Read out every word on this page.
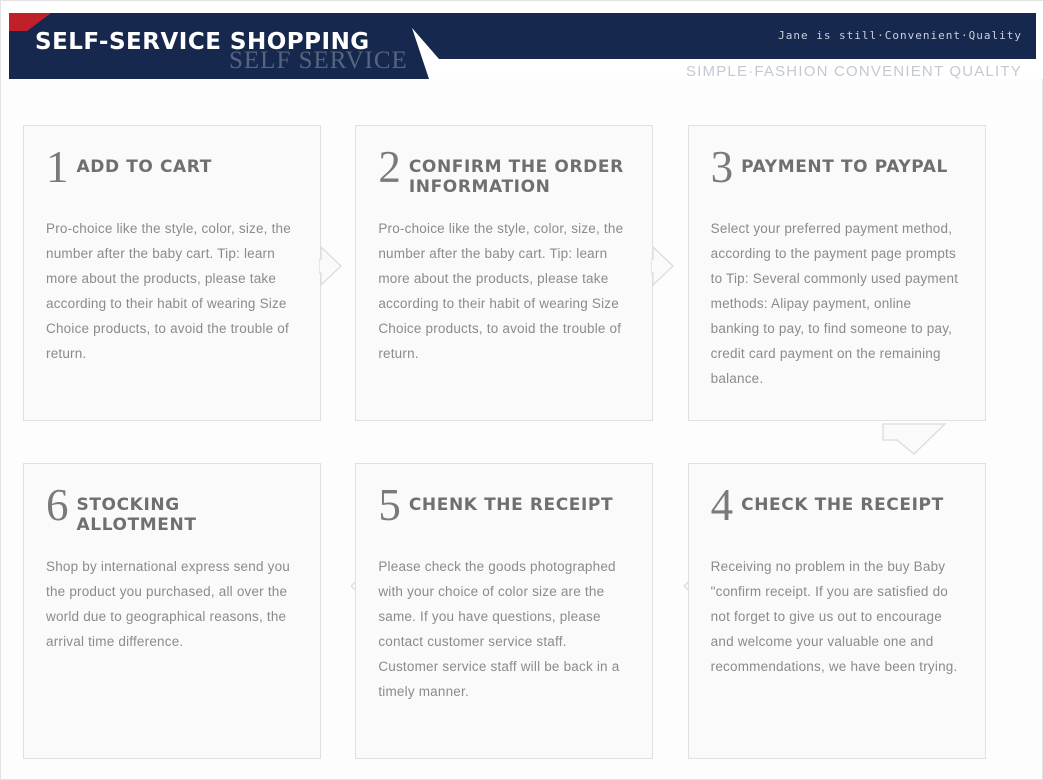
SELF SERVICE
SELF-SERVICE SHOPPING	Jane is still·Convenient·Quality
SIMPLE·FASHION CONVENIENT QUALITY
1 ADD TO CART
Pro-choice like the style, color, size, the number after the baby cart. Tip: learn more about the products, please take according to their habit of wearing Size Choice products, to avoid the trouble of return.
2 CONFIRM THE ORDER INFORMATION
Pro-choice like the style, color, size, the number after the baby cart. Tip: learn more about the products, please take according to their habit of wearing Size Choice products, to avoid the trouble of return.
3 PAYMENT TO PAYPAL
Select your preferred payment method, according to the payment page prompts to Tip: Several commonly used payment methods: Alipay payment, online banking to pay, to find someone to pay, credit card payment on the remaining balance.
6 STOCKING ALLOTMENT
Shop by international express send you the product you purchased, all over the world due to geographical reasons, the arrival time difference.
5 CHENK THE RECEIPT
Please check the goods photographed with your choice of color size are the same. If you have questions, please contact customer service staff. Customer service staff will be back in a timely manner.
4 CHECK THE RECEIPT
Receiving no problem in the buy Baby "confirm receipt. If you are satisfied do not forget to give us out to encourage and welcome your valuable one and recommendations, we have been trying.
